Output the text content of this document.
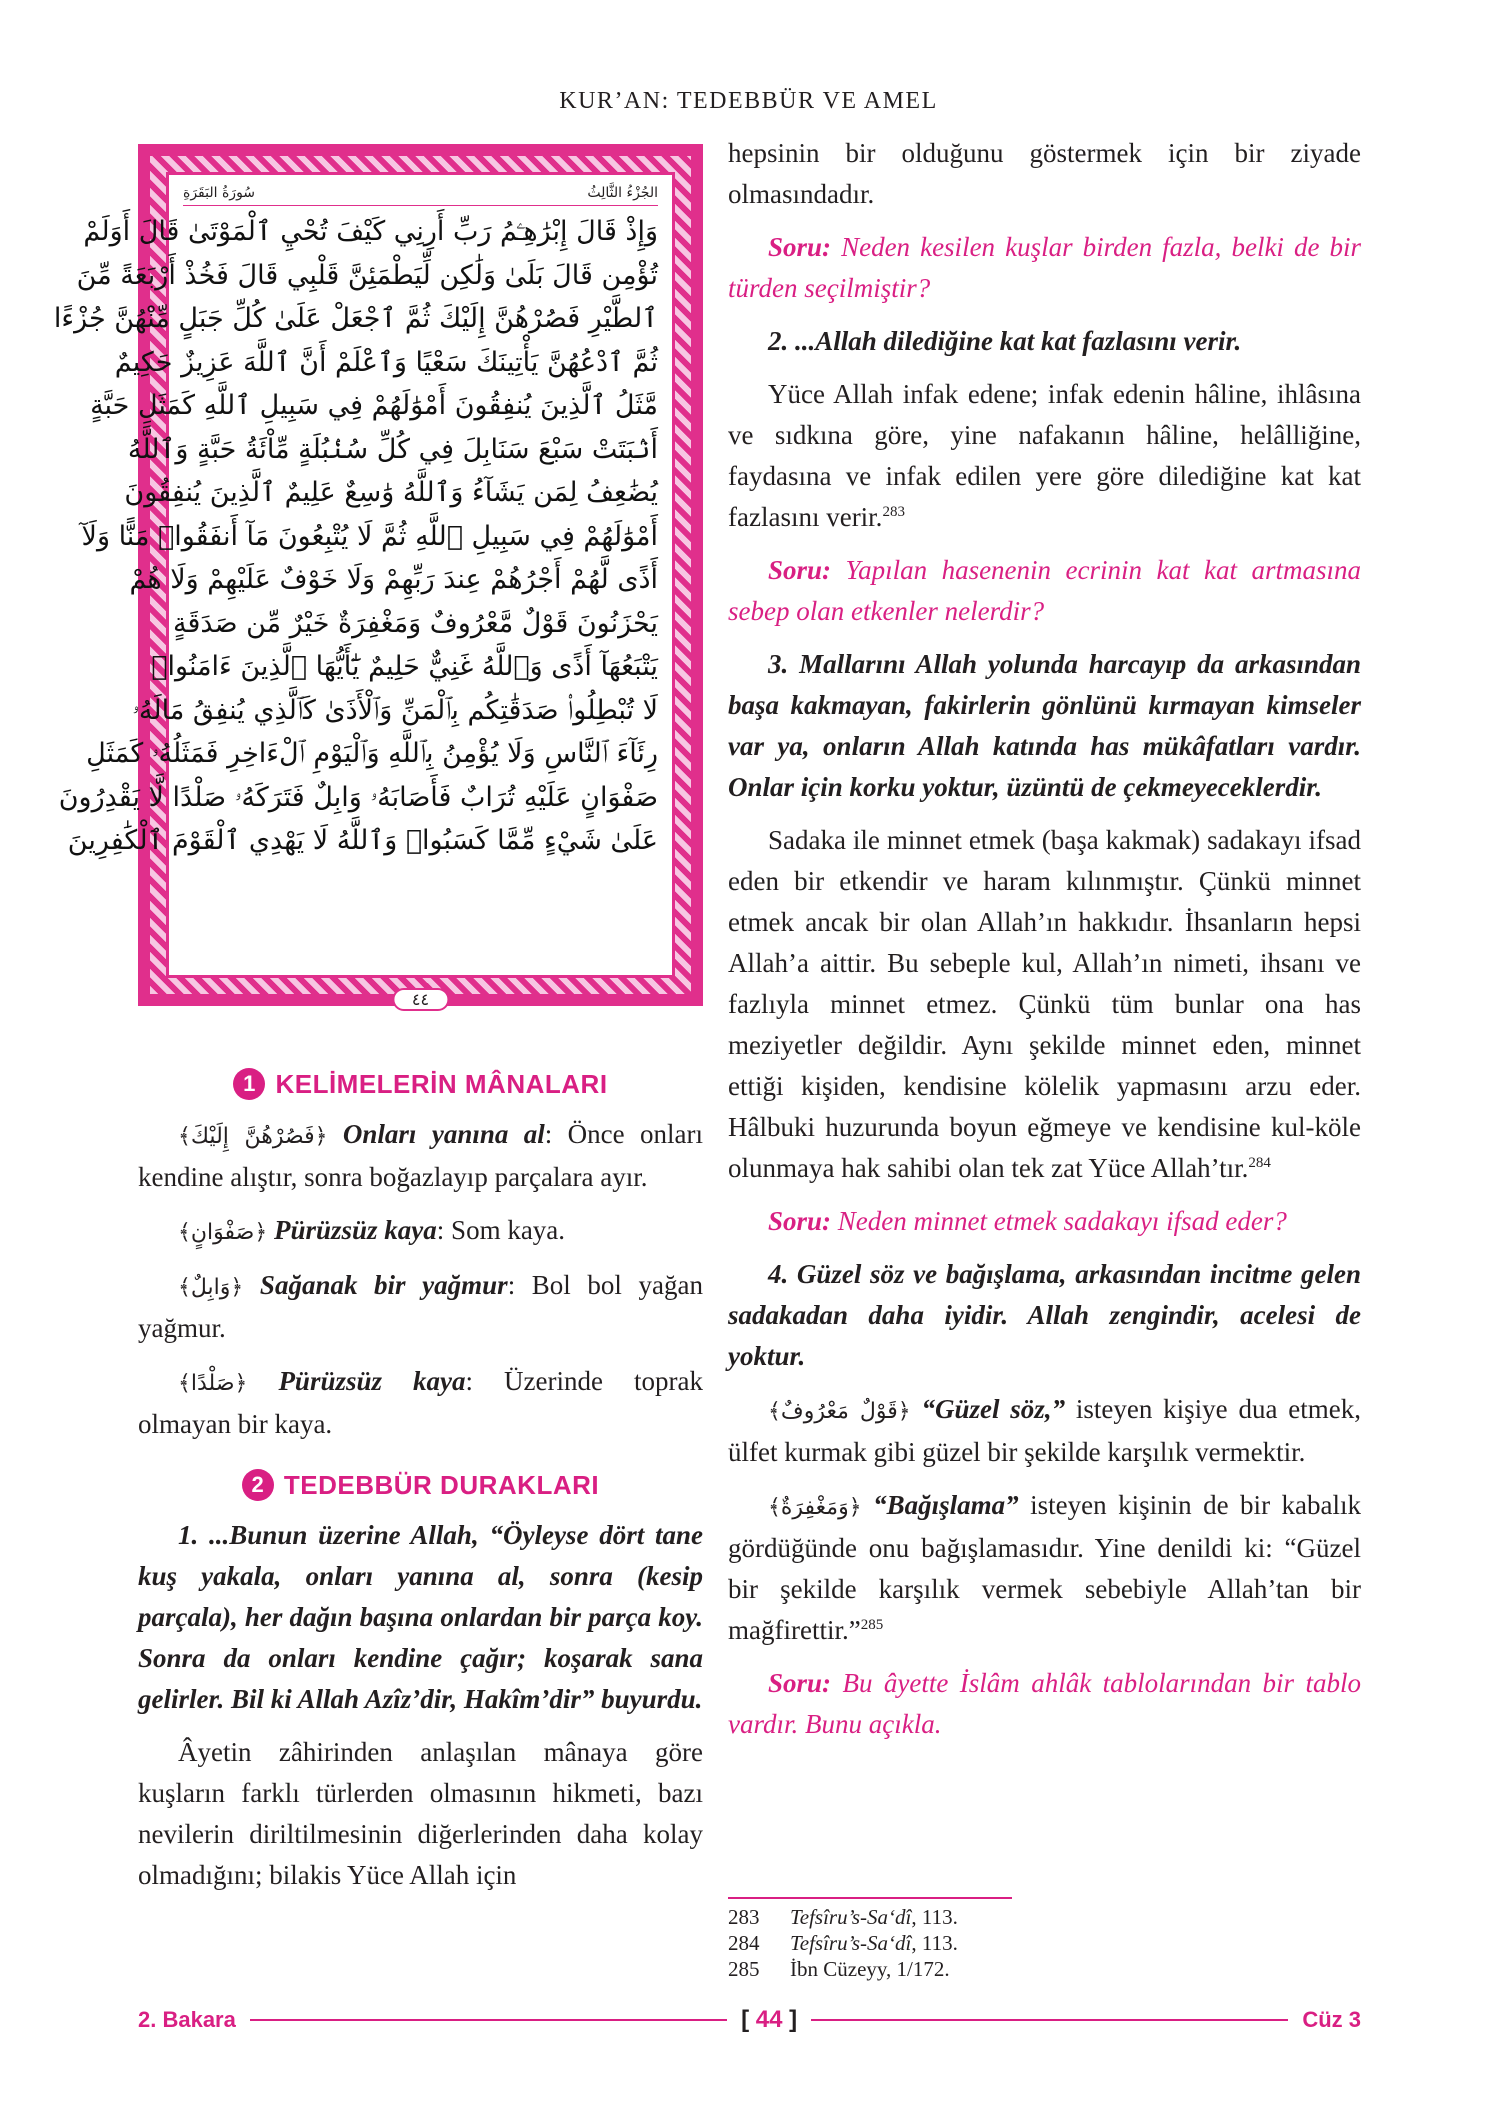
KUR’AN: TEDEBBÜR VE AMEL
الجُزْءُ الثَّالِثُ
سُورَةُ البَقَرَةِ
وَإِذْ قَالَ إِبْرَٰهِـۧمُ رَبِّ أَرِنِي كَيْفَ تُحْيِ ٱلْمَوْتَىٰ قَالَ أَوَلَمْ
تُؤْمِن قَالَ بَلَىٰ وَلَٰكِن لِّيَطْمَئِنَّ قَلْبِي قَالَ فَخُذْ أَرْبَعَةً مِّنَ
ٱلطَّيْرِ فَصُرْهُنَّ إِلَيْكَ ثُمَّ ٱجْعَلْ عَلَىٰ كُلِّ جَبَلٍ مِّنْهُنَّ جُزْءًا
ثُمَّ ٱدْعُهُنَّ يَأْتِينَكَ سَعْيًا وَٱعْلَمْ أَنَّ ٱللَّهَ عَزِيزٌ حَكِيمٌ
مَّثَلُ ٱلَّذِينَ يُنفِقُونَ أَمْوَٰلَهُمْ فِي سَبِيلِ ٱللَّهِ كَمَثَلِ حَبَّةٍ
أَنۢبَتَتْ سَبْعَ سَنَابِلَ فِي كُلِّ سُنۢبُلَةٍ مِّاْئَةُ حَبَّةٍ وَٱللَّهُ
يُضَٰعِفُ لِمَن يَشَآءُ وَٱللَّهُ وَٰسِعٌ عَلِيمٌ ٱلَّذِينَ يُنفِقُونَ
أَمْوَٰلَهُمْ فِي سَبِيلِ ٱللَّهِ ثُمَّ لَا يُتْبِعُونَ مَآ أَنفَقُوا۟ مَنًّا وَلَآ
أَذًى لَّهُمْ أَجْرُهُمْ عِندَ رَبِّهِمْ وَلَا خَوْفٌ عَلَيْهِمْ وَلَا هُمْ
يَحْزَنُونَ قَوْلٌ مَّعْرُوفٌ وَمَغْفِرَةٌ خَيْرٌ مِّن صَدَقَةٍ
يَتْبَعُهَآ أَذًى وَٱللَّهُ غَنِيٌّ حَلِيمٌ يَٰٓأَيُّهَا ٱلَّذِينَ ءَامَنُوا۟
لَا تُبْطِلُوا۟ صَدَقَٰتِكُم بِٱلْمَنِّ وَٱلْأَذَىٰ كَٱلَّذِي يُنفِقُ مَالَهُۥ
رِئَآءَ ٱلنَّاسِ وَلَا يُؤْمِنُ بِٱللَّهِ وَٱلْيَوْمِ ٱلْءَاخِرِ فَمَثَلُهُۥ كَمَثَلِ
صَفْوَانٍ عَلَيْهِ تُرَابٌ فَأَصَابَهُۥ وَابِلٌ فَتَرَكَهُۥ صَلْدًا لَّا يَقْدِرُونَ
عَلَىٰ شَيْءٍ مِّمَّا كَسَبُوا۟ وَٱللَّهُ لَا يَهْدِي ٱلْقَوْمَ ٱلْكَٰفِرِينَ
٤٤
1 KELİMELERİN MÂNALARI

﴿فَصُرْهُنَّ إِلَيْكَ﴾ Onları yanına al: Önce onları kendine alıştır, sonra boğazlayıp parçalara ayır.

﴿صَفْوَانٍ﴾ Pürüzsüz kaya: Som kaya.

﴿وَابِلٌ﴾ Sağanak bir yağmur: Bol bol yağan yağmur.

﴿صَلْدًا﴾ Pürüzsüz kaya: Üzerinde toprak olmayan bir kaya.

2 TEDEBBÜR DURAKLARI

1. ...Bunun üzerine Allah, “Öyleyse dört tane kuş yakala, onları yanına al, sonra (kesip parçala), her dağın başına onlardan bir parça koy. Sonra da onları kendine çağır; koşarak sana gelirler. Bil ki Allah Azîz’dir, Hakîm’dir” buyurdu.

Âyetin zâhirinden anlaşılan mânaya göre kuşların farklı türlerden olmasının hikmeti, bazı nevilerin diriltilmesinin diğerlerinden daha kolay olmadığını; bilakis Yüce Allah için

hepsinin bir olduğunu göstermek için bir ziyade olmasındadır.

Soru: Neden kesilen kuşlar birden fazla, belki de bir türden seçilmiştir?

2. ...Allah dilediğine kat kat fazlasını verir.

Yüce Allah infak edene; infak edenin hâline, ihlâsına ve sıdkına göre, yine nafakanın hâline, helâlliğine, faydasına ve infak edilen yere göre dilediğine kat kat fazlasını verir.$^{283}$

Soru: Yapılan hasenenin ecrinin kat kat artmasına sebep olan etkenler nelerdir?

3. Mallarını Allah yolunda harcayıp da arkasından başa kakmayan, fakirlerin gönlünü kırmayan kimseler var ya, onların Allah katında has mükâfatları vardır. Onlar için korku yoktur, üzüntü de çekmeyeceklerdir.

Sadaka ile minnet etmek (başa kakmak) sadakayı ifsad eden bir etkendir ve haram kılınmıştır. Çünkü minnet etmek ancak bir olan Allah’ın hakkıdır. İhsanların hepsi Allah’a aittir. Bu sebeple kul, Allah’ın nimeti, ihsanı ve fazlıyla minnet etmez. Çünkü tüm bunlar ona has meziyetler değildir. Aynı şekilde minnet eden, minnet ettiği kişiden, kendisine kölelik yapmasını arzu eder. Hâlbuki huzurunda boyun eğmeye ve kendisine kul-köle olunmaya hak sahibi olan tek zat Yüce Allah’tır.$^{284}$

Soru: Neden minnet etmek sadakayı ifsad eder?

4. Güzel söz ve bağışlama, arkasından incitme gelen sadakadan daha iyidir. Allah zengindir, acelesi de yoktur.

﴿قَوْلٌ مَعْرُوفٌ﴾ “Güzel söz,” isteyen kişiye dua etmek, ülfet kurmak gibi güzel bir şekilde karşılık vermektir.

﴿وَمَغْفِرَةٌ﴾ “Bağışlama” isteyen kişinin de bir kabalık gördüğünde onu bağışlamasıdır. Yine denildi ki: “Güzel bir şekilde karşılık vermek sebebiyle Allah’tan bir mağfirettir.”$^{285}$

Soru: Bu âyette İslâm ahlâk tablolarından bir tablo vardır. Bunu açıkla.

283	Tefsîru’s-Sa‘dî, 113.
284	Tefsîru’s-Sa‘dî, 113.
285	İbn Cüzeyy, 1/172.
2. Bakara	[ 44 ]	Cüz 3
